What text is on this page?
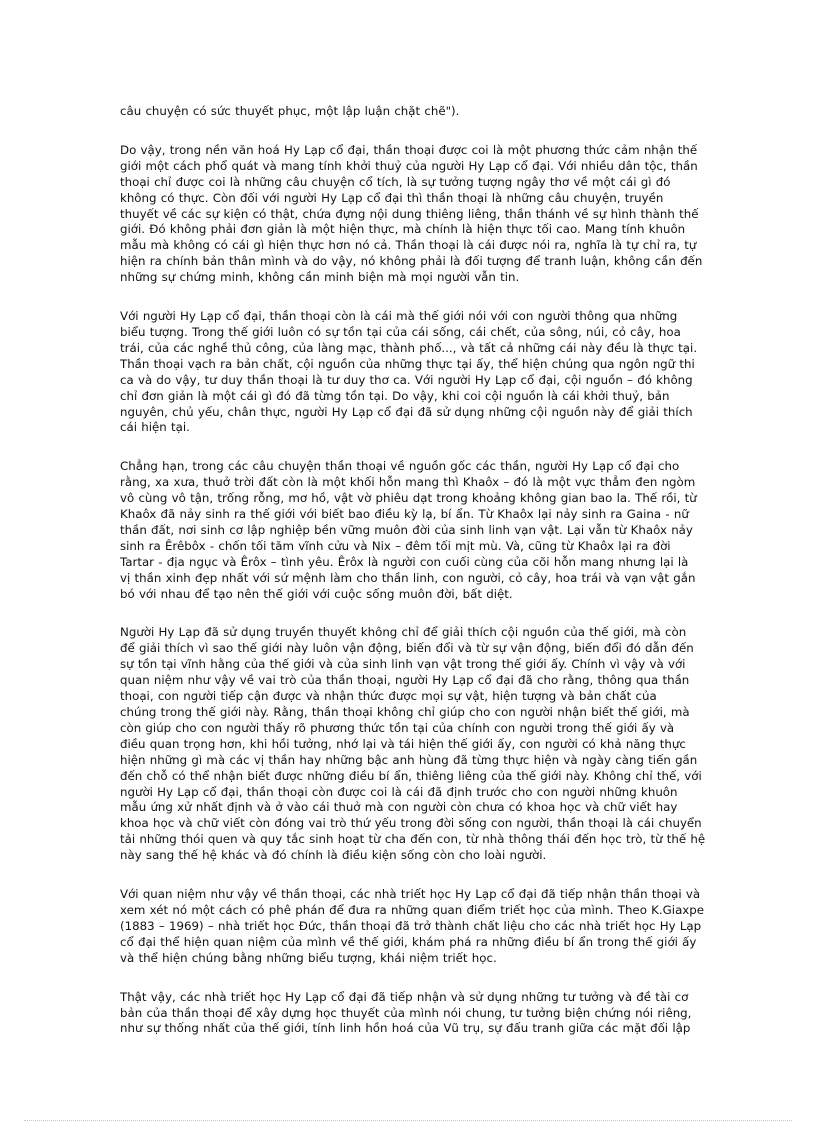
câu chuyện có sức thuyết phục, một lập luận chặt chẽ").

Do vậy, trong nền văn hoá Hy Lạp cổ đại, thần thoại được coi là một phương thức cảm nhận thế
giới một cách phổ quát và mang tính khởi thuỷ của người Hy Lạp cổ đại. Với nhiều dân tộc, thần
thoại chỉ được coi là những câu chuyện cổ tích, là sự tưởng tượng ngây thơ về một cái gì đó
không có thực. Còn đối với người Hy Lạp cổ đại thì thần thoại là những câu chuyện, truyền
thuyết về các sự kiện có thật, chứa đựng nội dung thiêng liêng, thần thánh về sự hình thành thế
giới. Đó không phải đơn giản là một hiện thực, mà chính là hiện thực tối cao. Mang tính khuôn
mẫu mà không có cái gì hiện thực hơn nó cả. Thần thoại là cái được nói ra, nghĩa là tự chỉ ra, tự
hiện ra chính bản thân mình và do vậy, nó không phải là đối tượng để tranh luận, không cần đến
những sự chứng minh, không cần minh biện mà mọi người vẫn tin.

Với người Hy Lạp cổ đại, thần thoại còn là cái mà thế giới nói với con người thông qua những
biểu tượng. Trong thế giới luôn có sự tồn tại của cái sống, cái chết, của sông, núi, cỏ cây, hoa
trái, của các nghề thủ công, của làng mạc, thành phố..., và tất cả những cái này đều là thực tại.
Thần thoại vạch ra bản chất, cội nguồn của những thực tại ấy, thể hiện chúng qua ngôn ngữ thi
ca và do vậy, tư duy thần thoại là tư duy thơ ca. Với người Hy Lạp cổ đại, cội nguồn – đó không
chỉ đơn giản là một cái gì đó đã từng tồn tại. Do vậy, khi coi cội nguồn là cái khởi thuỷ, bản
nguyên, chủ yếu, chân thực, người Hy Lạp cổ đại đã sử dụng những cội nguồn này để giải thích
cái hiện tại.

Chẳng hạn, trong các câu chuyện thần thoại về nguồn gốc các thần, người Hy Lạp cổ đại cho
rằng, xa xưa, thuở trời đất còn là một khối hỗn mang thì Khaôx – đó là một vực thẳm đen ngòm
vô cùng vô tận, trống rỗng, mơ hồ, vật vờ phiêu dạt trong khoảng không gian bao la. Thế rồi, từ
Khaôx đã nảy sinh ra thế giới với biết bao điều kỳ lạ, bí ẩn. Từ Khaôx lại nảy sinh ra Gaina - nữ
thần đất, nơi sinh cơ lập nghiệp bền vững muôn đời của sinh linh vạn vật. Lại vẫn từ Khaôx nảy
sinh ra Êrêbôx - chốn tối tăm vĩnh cửu và Nix – đêm tối mịt mù. Và, cũng từ Khaôx lại ra đời
Tartar - địa ngục và Êrôx – tình yêu. Êrôx là người con cuối cùng của cõi hỗn mang nhưng lại là
vị thần xinh đẹp nhất với sứ mệnh làm cho thần linh, con người, cỏ cây, hoa trái và vạn vật gắn
bó với nhau để tạo nên thế giới với cuộc sống muôn đời, bất diệt.

Người Hy Lạp đã sử dụng truyền thuyết không chỉ để giải thích cội nguồn của thế giới, mà còn
để giải thích vì sao thế giới này luôn vận động, biến đổi và từ sự vận động, biến đổi đó dẫn đến
sự tồn tại vĩnh hằng của thế giới và của sinh linh vạn vật trong thế giới ấy. Chính vì vậy và với
quan niệm như vậy về vai trò của thần thoại, người Hy Lạp cổ đại đã cho rằng, thông qua thần
thoại, con người tiếp cận được và nhận thức được mọi sự vật, hiện tượng và bản chất của
chúng trong thế giới này. Rằng, thần thoại không chỉ giúp cho con người nhận biết thế giới, mà
còn giúp cho con người thấy rõ phương thức tồn tại của chính con người trong thế giới ấy và
điều quan trọng hơn, khi hồi tưởng, nhớ lại và tái hiện thế giới ấy, con người có khả năng thực
hiện những gì mà các vị thần hay những bậc anh hùng đã từng thực hiện và ngày càng tiến gần
đến chỗ có thể nhận biết được những điều bí ẩn, thiêng liêng của thế giới này. Không chỉ thế, với
người Hy Lạp cổ đại, thần thoại còn được coi là cái đã định trước cho con người những khuôn
mẫu ứng xử nhất định và ở vào cái thuở mà con người còn chưa có khoa học và chữ viết hay
khoa học và chữ viết còn đóng vai trò thứ yếu trong đời sống con người, thần thoại là cái chuyển
tải những thói quen và quy tắc sinh hoạt từ cha đến con, từ nhà thông thái đến học trò, từ thế hệ
này sang thế hệ khác và đó chính là điều kiện sống còn cho loài người.

Với quan niệm như vậy về thần thoại, các nhà triết học Hy Lạp cổ đại đã tiếp nhận thần thoại và
xem xét nó một cách có phê phán để đưa ra những quan điểm triết học của mình. Theo K.Giaxpe
(1883 – 1969) – nhà triết học Đức, thần thoại đã trở thành chất liệu cho các nhà triết học Hy Lạp
cổ đại thể hiện quan niệm của mình về thế giới, khám phá ra những điều bí ẩn trong thế giới ấy
và thể hiện chúng bằng những biểu tượng, khái niệm triết học.

Thật vậy, các nhà triết học Hy Lạp cổ đại đã tiếp nhận và sử dụng những tư tưởng và đề tài cơ
bản của thần thoại để xây dựng học thuyết của mình nói chung, tư tưởng biện chứng nói riêng,
như sự thống nhất của thế giới, tính linh hồn hoá của Vũ trụ, sự đấu tranh giữa các mặt đối lập
